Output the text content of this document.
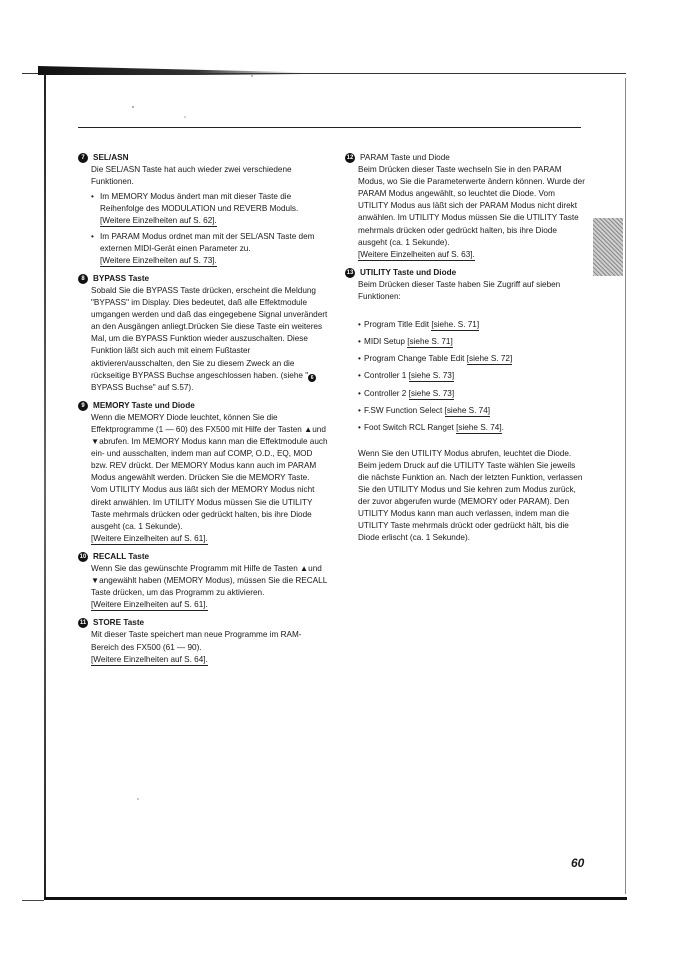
7	SEL/ASN
Die SEL/ASN Taste hat auch wieder zwei verschiedene Funktionen.
• Im MEMORY Modus ändert man mit dieser Taste die Reihenfolge des MODULATION und REVERB Moduls.
[Weitere Einzelheiten auf S. 62].
• Im PARAM Modus ordnet man mit der SEL/ASN Taste dem externen MIDI-Gerät einen Parameter zu.
[Weitere Einzelheiten auf S. 73].
8	BYPASS Taste
Sobald Sie die BYPASS Taste drücken, erscheint die Meldung "BYPASS" im Display. Dies bedeutet, daß alle Effektmodule umgangen werden und daß das eingegebene Signal unverändert an den Ausgängen anliegt.Drücken Sie diese Taste ein weiteres Mal, um die BYPASS Funktion wieder auszuschalten. Diese Funktion läßt sich auch mit einem Fußtaster aktivieren/ausschalten, den Sie zu diesem Zweck an die rückseitige BYPASS Buchse angeschlossen haben. (siehe " 6 BYPASS Buchse" auf S.57).
9	MEMORY Taste und Diode
Wenn die MEMORY Diode leuchtet, können Sie die Effektprogramme (1 — 60) des FX500 mit Hilfe der Tasten ▲und ▼abrufen. Im MEMORY Modus kann man die Effektmodule auch ein- und ausschalten, indem man auf COMP, O.D., EQ, MOD bzw. REV drückt. Der MEMORY Modus kann auch im PARAM Modus angewählt werden. Drücken Sie die MEMORY Taste. Vom UTILITY Modus aus läßt sich der MEMORY Modus nicht direkt anwählen. Im UTILITY Modus müssen Sie die UTILITY Taste mehrmals drücken oder gedrückt halten, bis ihre Diode ausgeht (ca. 1 Sekunde).
[Weitere Einzelheiten auf S. 61].
10 RECALL Taste
Wenn Sie das gewünschte Programm mit Hilfe de Tasten ▲und ▼angewählt haben (MEMORY Modus), müssen Sie die RECALL Taste drücken, um das Programm zu aktivieren.
[Weitere Einzelheiten auf S. 61].
11 STORE Taste
Mit dieser Taste speichert man neue Programme im RAM-Bereich des FX500 (61 — 90).
[Weitere Einzelheiten auf S. 64].
12 PARAM Taste und Diode
Beim Drücken dieser Taste wechseln Sie in den PARAM Modus, wo Sie die Parameterwerte ändern können. Wurde der PARAM Modus angewählt, so leuchtet die Diode. Vom UTILITY Modus aus läßt sich der PARAM Modus nicht direkt anwählen. Im UTILITY Modus müssen Sie die UTILITY Taste mehrmals drücken oder gedrückt halten, bis ihre Diode ausgeht (ca. 1 Sekunde).
[Weitere Einzelheiten auf S. 63].
13 UTILITY Taste und Diode
Beim Drücken dieser Taste haben Sie Zugriff auf sieben Funktionen:
• Program Title Edit [siehe. S. 71]
• MIDI Setup [siehe S. 71]
• Program Change Table Edit [siehe S. 72]
• Controller 1 [siehe S. 73]
• Controller 2 [siehe S. 73]
• F.SW Function Select [siehe S. 74]
• Foot Switch RCL Ranget [siehe S. 74].
Wenn Sie den UTILITY Modus abrufen, leuchtet die Diode. Beim jedem Druck auf die UTILITY Taste wählen Sie jeweils die nächste Funktion an. Nach der letzten Funktion, verlassen Sie den UTILITY Modus und Sie kehren zum Modus zurück, der zuvor abgerufen wurde (MEMORY oder PARAM). Den UTILITY Modus kann man auch verlassen, indem man die UTILITY Taste mehrmals drückt oder gedrückt hält, bis die Diode erlischt (ca. 1 Sekunde).
60
